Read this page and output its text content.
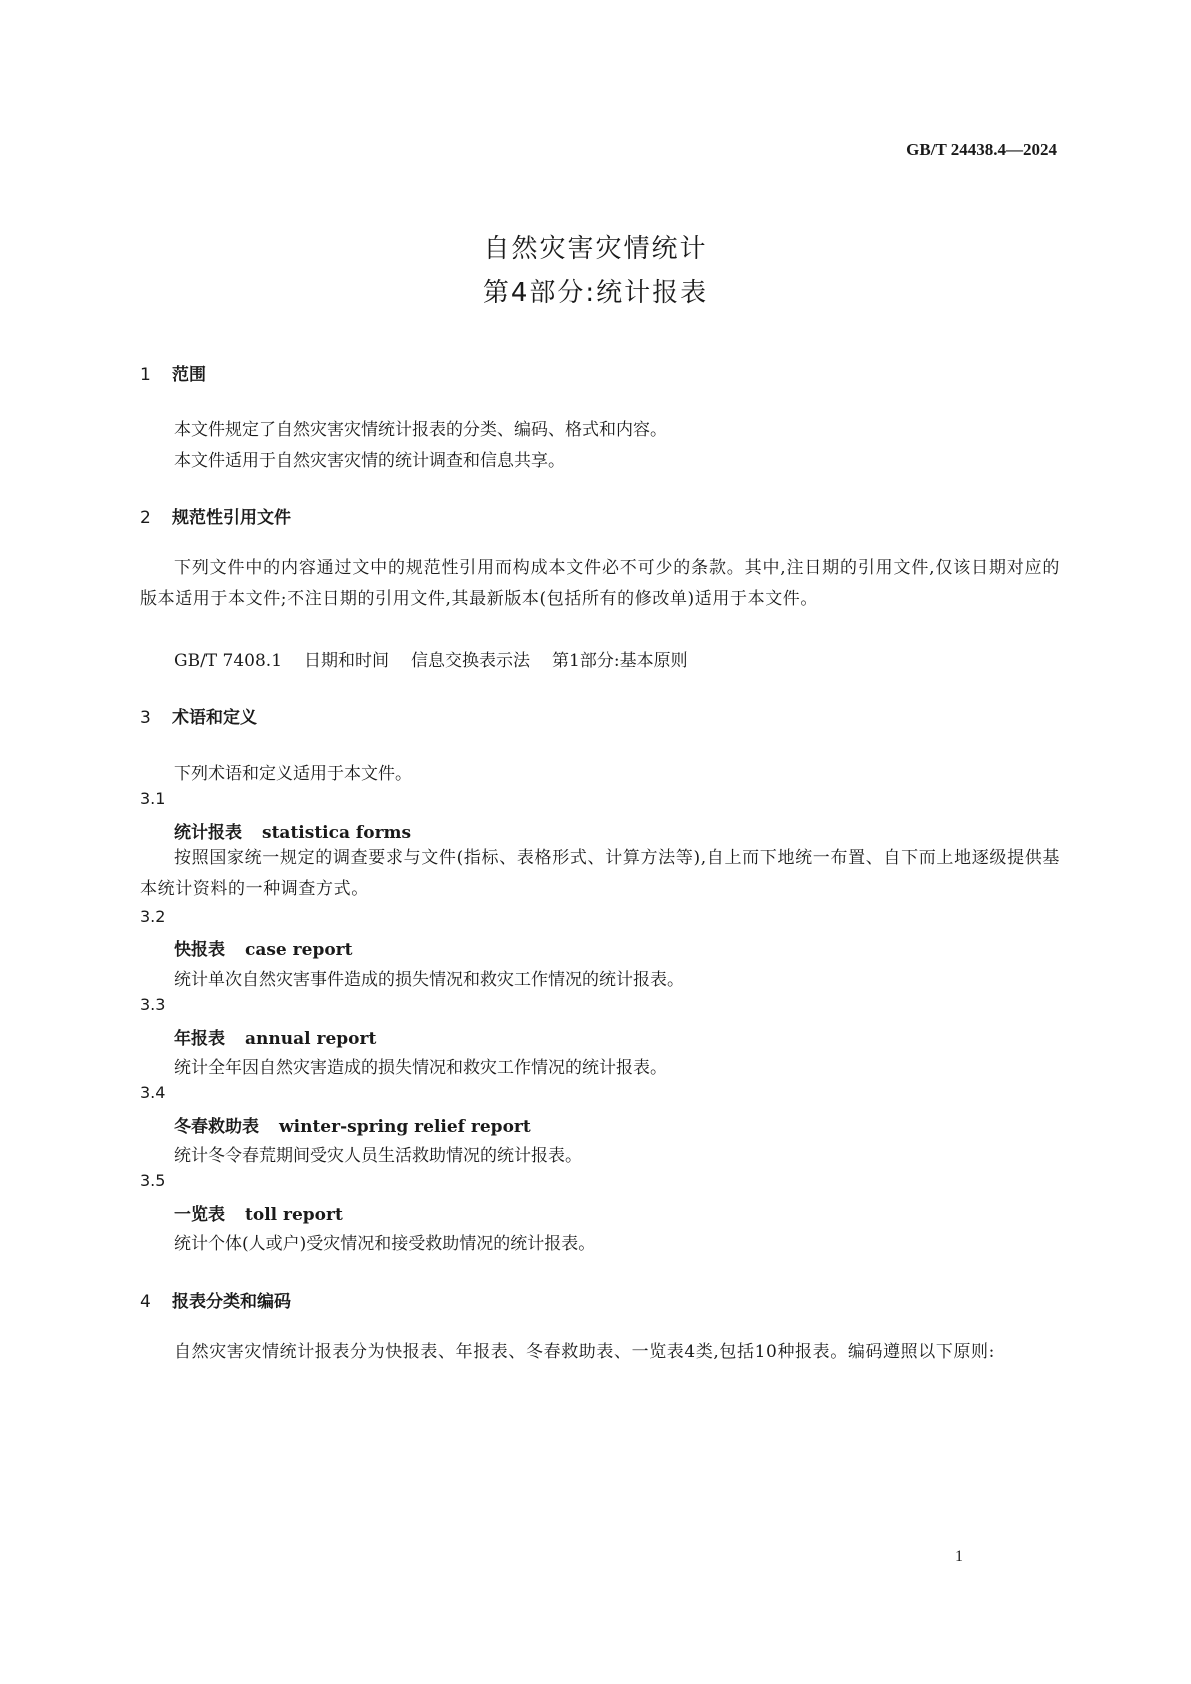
GB/T 24438.4—2024
自然灾害灾情统计
第4部分:统计报表
1 范围
本文件规定了自然灾害灾情统计报表的分类、编码、格式和内容。
本文件适用于自然灾害灾情的统计调查和信息共享。
2 规范性引用文件
下列文件中的内容通过文中的规范性引用而构成本文件必不可少的条款。其中,注日期的引用文件,仅该日期对应的版本适用于本文件;不注日期的引用文件,其最新版本(包括所有的修改单)适用于本文件。
GB/T 7408.1 日期和时间 信息交换表示法 第1部分:基本原则
3 术语和定义
下列术语和定义适用于本文件。
3.1
统计报表 statistica forms
按照国家统一规定的调查要求与文件(指标、表格形式、计算方法等),自上而下地统一布置、自下而上地逐级提供基本统计资料的一种调查方式。
3.2
快报表 case report
统计单次自然灾害事件造成的损失情况和救灾工作情况的统计报表。
3.3
年报表 annual report
统计全年因自然灾害造成的损失情况和救灾工作情况的统计报表。
3.4
冬春救助表 winter-spring relief report
统计冬令春荒期间受灾人员生活救助情况的统计报表。
3.5
一览表 toll report
统计个体(人或户)受灾情况和接受救助情况的统计报表。
4 报表分类和编码
自然灾害灾情统计报表分为快报表、年报表、冬春救助表、一览表4类,包括10种报表。编码遵照以下原则:
1
